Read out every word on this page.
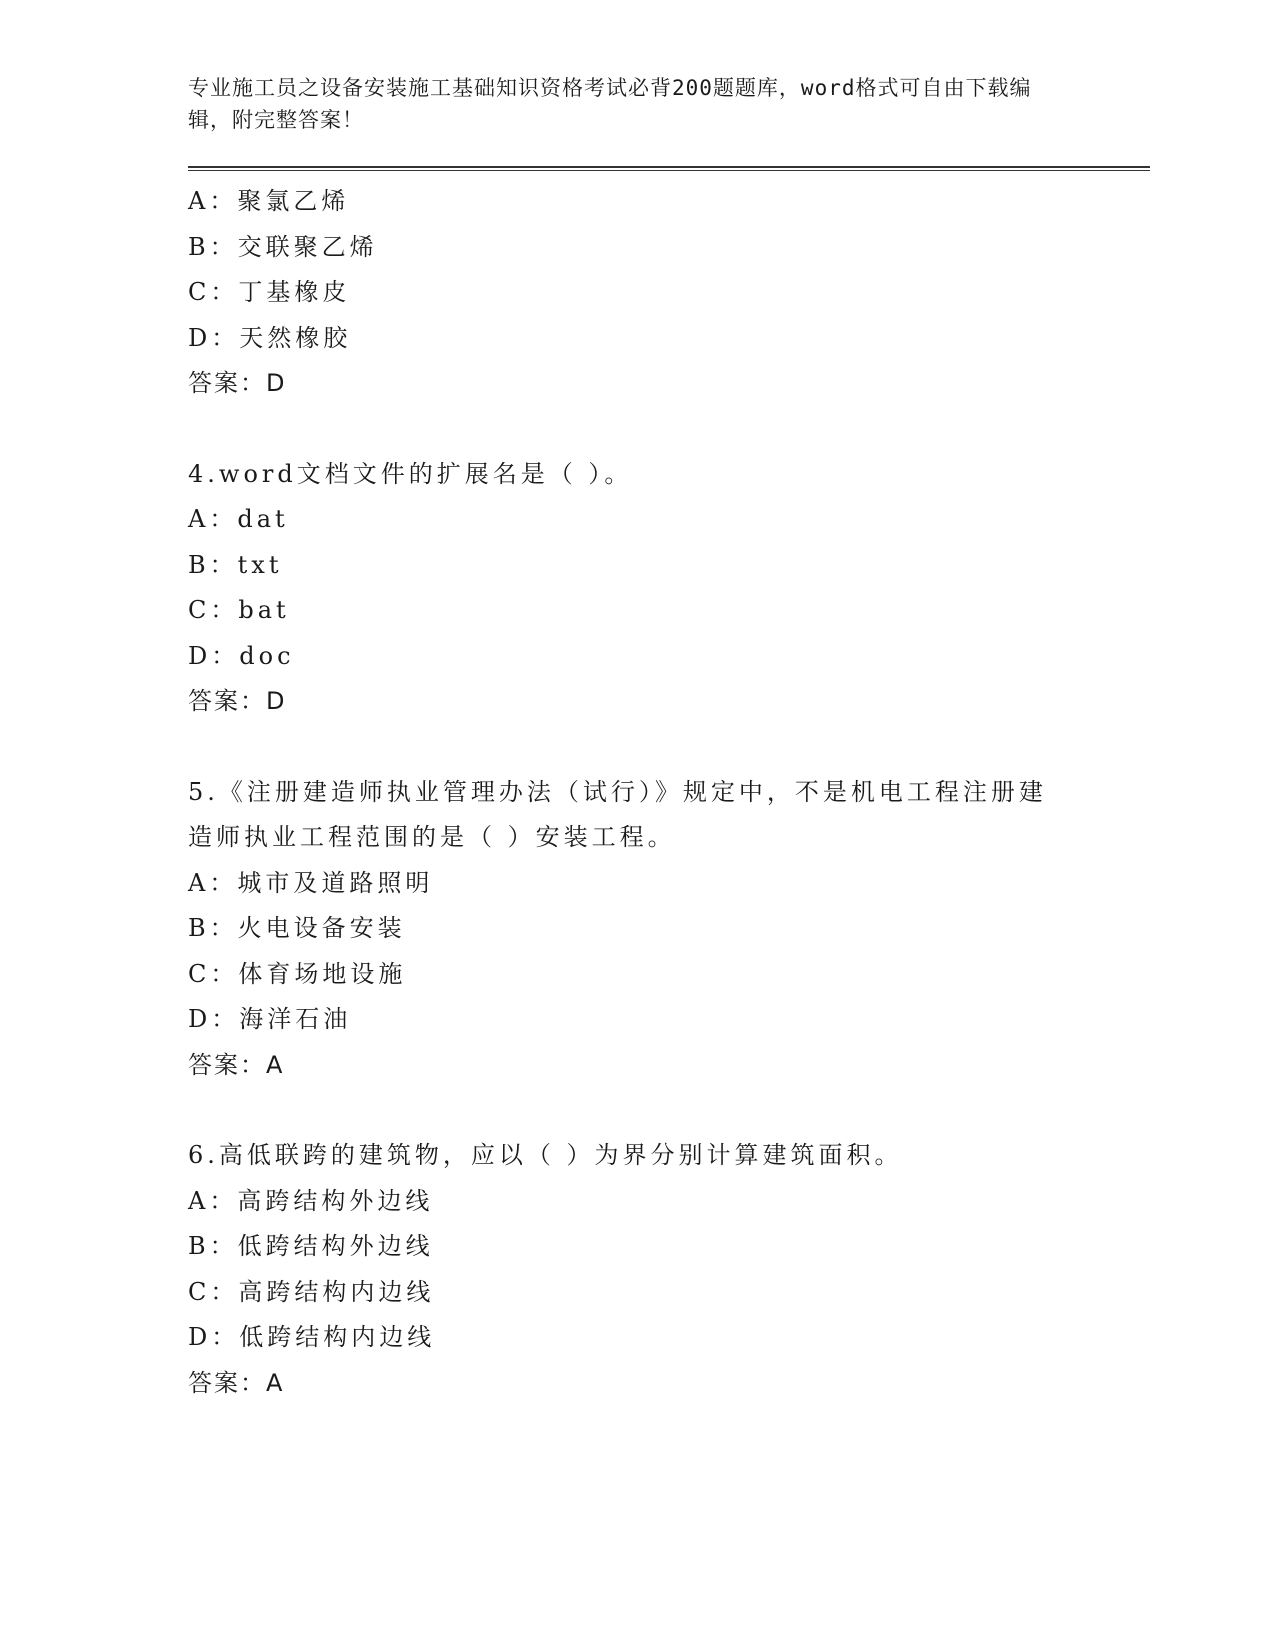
专业施工员之设备安装施工基础知识资格考试必背200题题库，word格式可自由下载编辑，附完整答案！

A：聚氯乙烯
B：交联聚乙烯
C：丁基橡皮
D：天然橡胶
答案：D
4.word文档文件的扩展名是（ ）。
A：dat
B：txt
C：bat
D：doc
答案：D
5.《注册建造师执业管理办法（试行）》规定中，不是机电工程注册建造师执业工程范围的是（ ）安装工程。
A：城市及道路照明
B：火电设备安装
C：体育场地设施
D：海洋石油
答案：A
6.高低联跨的建筑物，应以（ ）为界分别计算建筑面积。
A：高跨结构外边线
B：低跨结构外边线
C：高跨结构内边线
D：低跨结构内边线
答案：A
